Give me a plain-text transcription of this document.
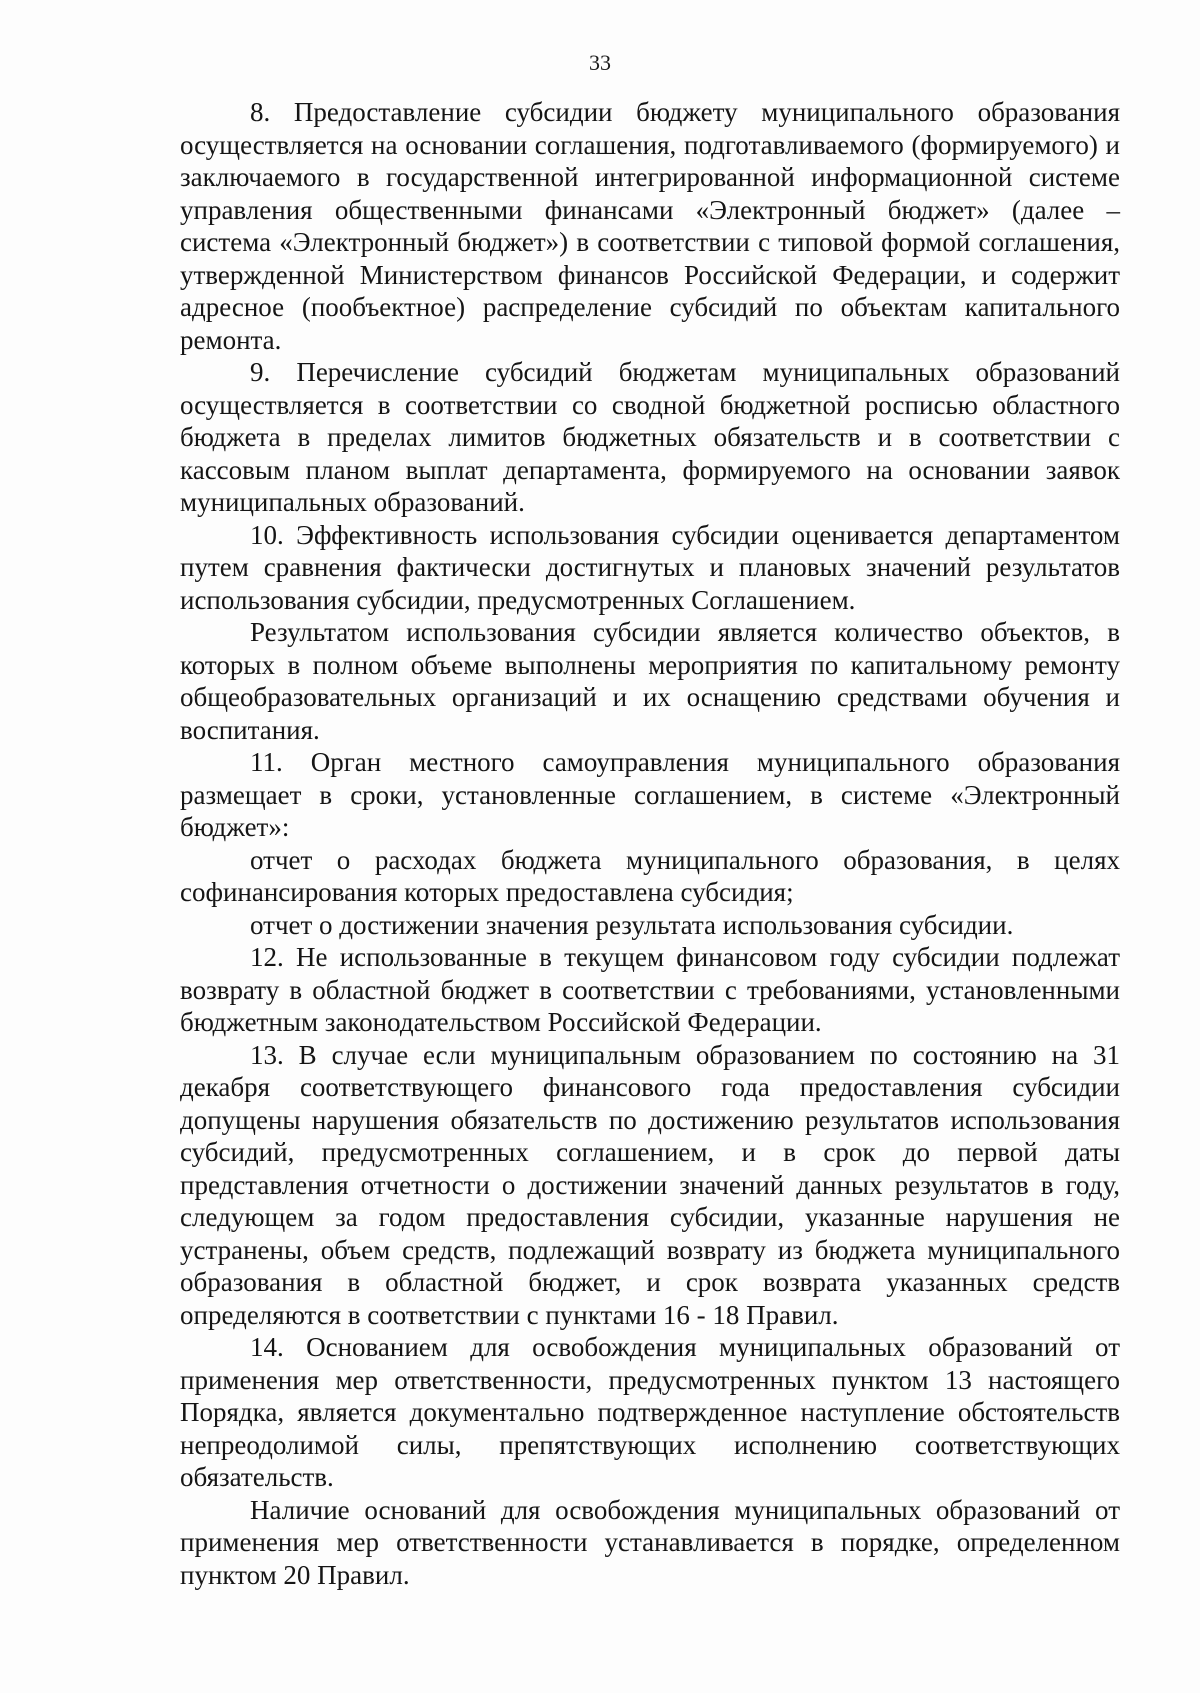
33

8. Предоставление субсидии бюджету муниципального образования осуществляется на основании соглашения, подготавливаемого (формируемого) и заключаемого в государственной интегрированной информационной системе управления общественными финансами «Электронный бюджет» (далее – система «Электронный бюджет») в соответствии с типовой формой соглашения, утвержденной Министерством финансов Российской Федерации, и содержит адресное (пообъектное) распределение субсидий по объектам капитального ремонта.

9. Перечисление субсидий бюджетам муниципальных образований осуществляется в соответствии со сводной бюджетной росписью областного бюджета в пределах лимитов бюджетных обязательств и в соответствии с кассовым планом выплат департамента, формируемого на основании заявок муниципальных образований.

10. Эффективность использования субсидии оценивается департаментом путем сравнения фактически достигнутых и плановых значений результатов использования субсидии, предусмотренных Соглашением.

Результатом использования субсидии является количество объектов, в которых в полном объеме выполнены мероприятия по капитальному ремонту общеобразовательных организаций и их оснащению средствами обучения и воспитания.

11. Орган местного самоуправления муниципального образования размещает в сроки, установленные соглашением, в системе «Электронный бюджет»:

отчет о расходах бюджета муниципального образования, в целях софинансирования которых предоставлена субсидия;

отчет о достижении значения результата использования субсидии.

12. Не использованные в текущем финансовом году субсидии подлежат возврату в областной бюджет в соответствии с требованиями, установленными бюджетным законодательством Российской Федерации.

13. В случае если муниципальным образованием по состоянию на 31 декабря соответствующего финансового года предоставления субсидии допущены нарушения обязательств по достижению результатов использования субсидий, предусмотренных соглашением, и в срок до первой даты представления отчетности о достижении значений данных результатов в году, следующем за годом предоставления субсидии, указанные нарушения не устранены, объем средств, подлежащий возврату из бюджета муниципального образования в областной бюджет, и срок возврата указанных средств определяются в соответствии с пунктами 16 - 18 Правил.

14. Основанием для освобождения муниципальных образований от применения мер ответственности, предусмотренных пунктом 13 настоящего Порядка, является документально подтвержденное наступление обстоятельств непреодолимой силы, препятствующих исполнению соответствующих обязательств.

Наличие оснований для освобождения муниципальных образований от применения мер ответственности устанавливается в порядке, определенном пунктом 20 Правил.
